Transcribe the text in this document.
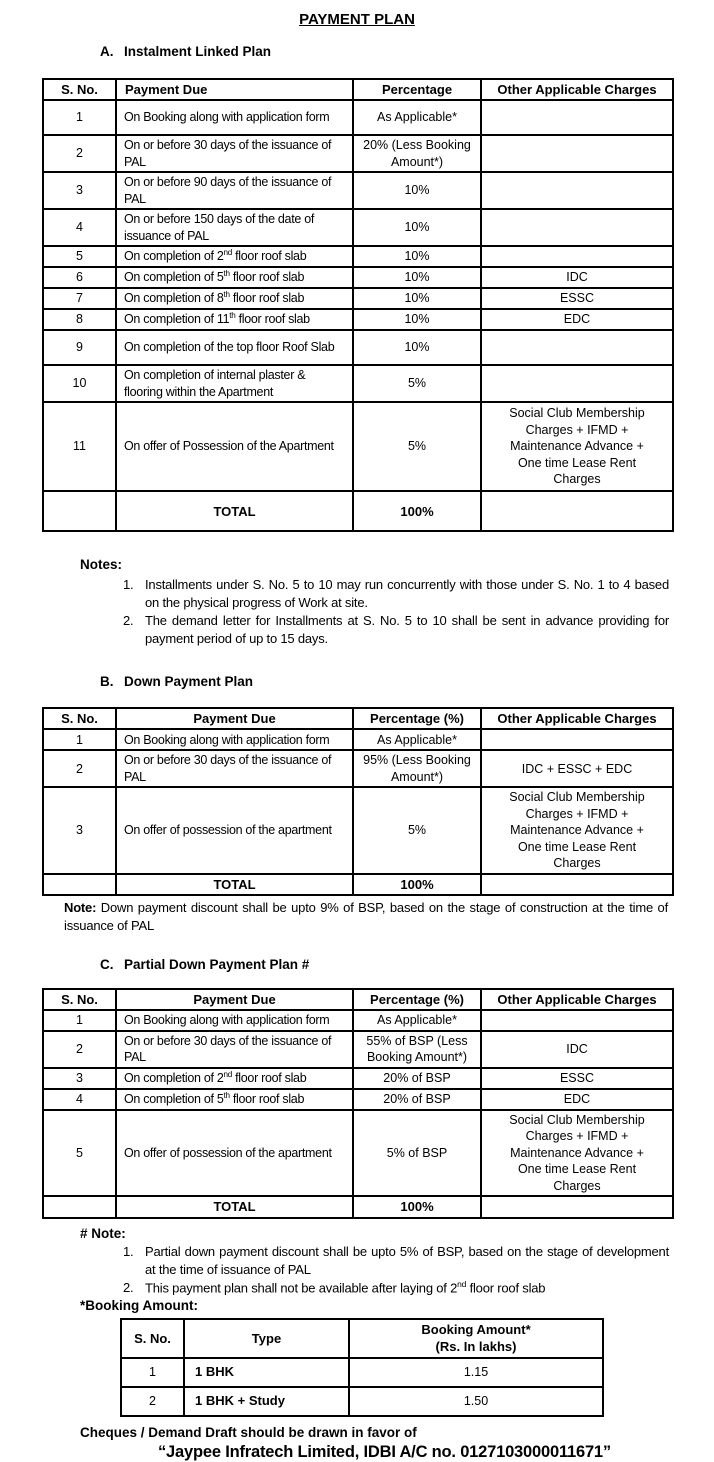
PAYMENT PLAN
A. Instalment Linked Plan
S. No.	Payment Due	Percentage	Other Applicable Charges
1	On Booking along with application form	As Applicable*	
2	On or before 30 days of the issuance of PAL	20% (Less Booking Amount*)	
3	On or before 90 days of the issuance of PAL	10%	
4	On or before 150 days of the date of issuance of PAL	10%	
5	On completion of 2nd floor roof slab	10%	
6	On completion of 5th floor roof slab	10%	IDC
7	On completion of 8th floor roof slab	10%	ESSC
8	On completion of 11th floor roof slab	10%	EDC
9	On completion of the top floor Roof Slab	10%	
10	On completion of internal plaster & flooring within the Apartment	5%	
11	On offer of Possession of the Apartment	5%	Social Club Membership Charges + IFMD + Maintenance Advance + One time Lease Rent Charges
	TOTAL	100%	
Notes:
1. Installments under S. No. 5 to 10 may run concurrently with those under S. No. 1 to 4 based on the physical progress of Work at site.
2. The demand letter for Installments at S. No. 5 to 10 shall be sent in advance providing for payment period of up to 15 days.
B. Down Payment Plan
S. No.	Payment Due	Percentage (%)	Other Applicable Charges
1	On Booking along with application form	As Applicable*	
2	On or before 30 days of the issuance of PAL	95% (Less Booking Amount*)	IDC + ESSC + EDC
3	On offer of possession of the apartment	5%	Social Club Membership Charges + IFMD + Maintenance Advance + One time Lease Rent Charges
	TOTAL	100%	
Note: Down payment discount shall be upto 9% of BSP, based on the stage of construction at the time of issuance of PAL
C. Partial Down Payment Plan #
S. No.	Payment Due	Percentage (%)	Other Applicable Charges
1	On Booking along with application form	As Applicable*	
2	On or before 30 days of the issuance of PAL	55% of BSP (Less Booking Amount*)	IDC
3	On completion of 2nd floor roof slab	20% of BSP	ESSC
4	On completion of 5th floor roof slab	20% of BSP	EDC
5	On offer of possession of the apartment	5% of BSP	Social Club Membership Charges + IFMD + Maintenance Advance + One time Lease Rent Charges
	TOTAL	100%	
# Note:
1. Partial down payment discount shall be upto 5% of BSP, based on the stage of development at the time of issuance of PAL
2. This payment plan shall not be available after laying of 2nd floor roof slab
*Booking Amount:
S. No.	Type	Booking Amount*
(Rs. In lakhs)

1	1 BHK	1.15
2	1 BHK + Study	1.50
Cheques / Demand Draft should be drawn in favor of
“Jaypee Infratech Limited, IDBI A/C no. 0127103000011671”
